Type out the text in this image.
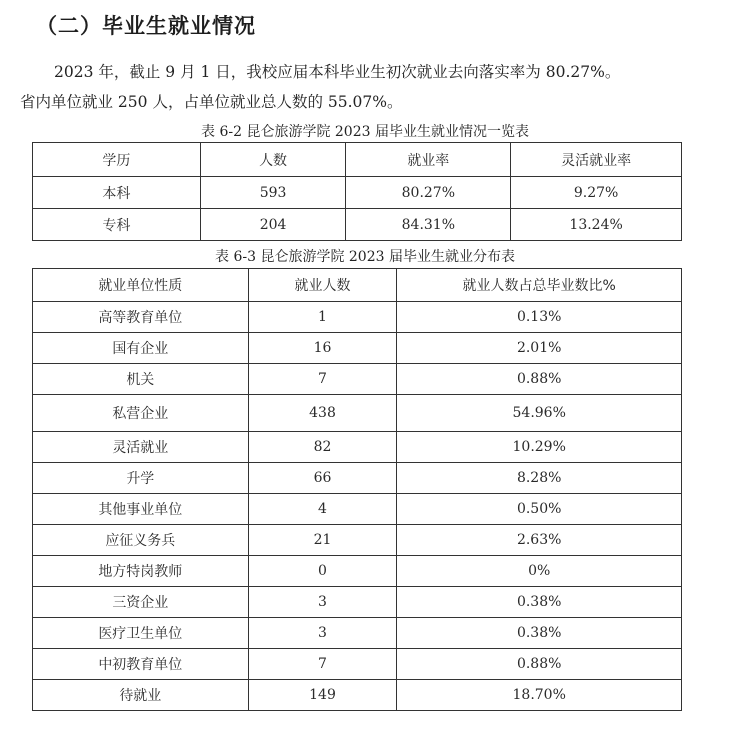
（二）毕业生就业情况
2023 年，截止 9 月 1 日，我校应届本科毕业生初次就业去向落实率为 80.27%。
省内单位就业 250 人，占单位就业总人数的 55.07%。
表 6-2 昆仑旅游学院 2023 届毕业生就业情况一览表
学历	人数	就业率	灵活就业率
本科	593	80.27%	9.27%
专科	204	84.31%	13.24%
表 6-3 昆仑旅游学院 2023 届毕业生就业分布表
就业单位性质	就业人数	就业人数占总毕业数比%
高等教育单位	1	0.13%
国有企业	16	2.01%
机关	7	0.88%
私营企业	438	54.96%
灵活就业	82	10.29%
升学	66	8.28%
其他事业单位	4	0.50%
应征义务兵	21	2.63%
地方特岗教师	0	0%
三资企业	3	0.38%
医疗卫生单位	3	0.38%
中初教育单位	7	0.88%
待就业	149	18.70%
